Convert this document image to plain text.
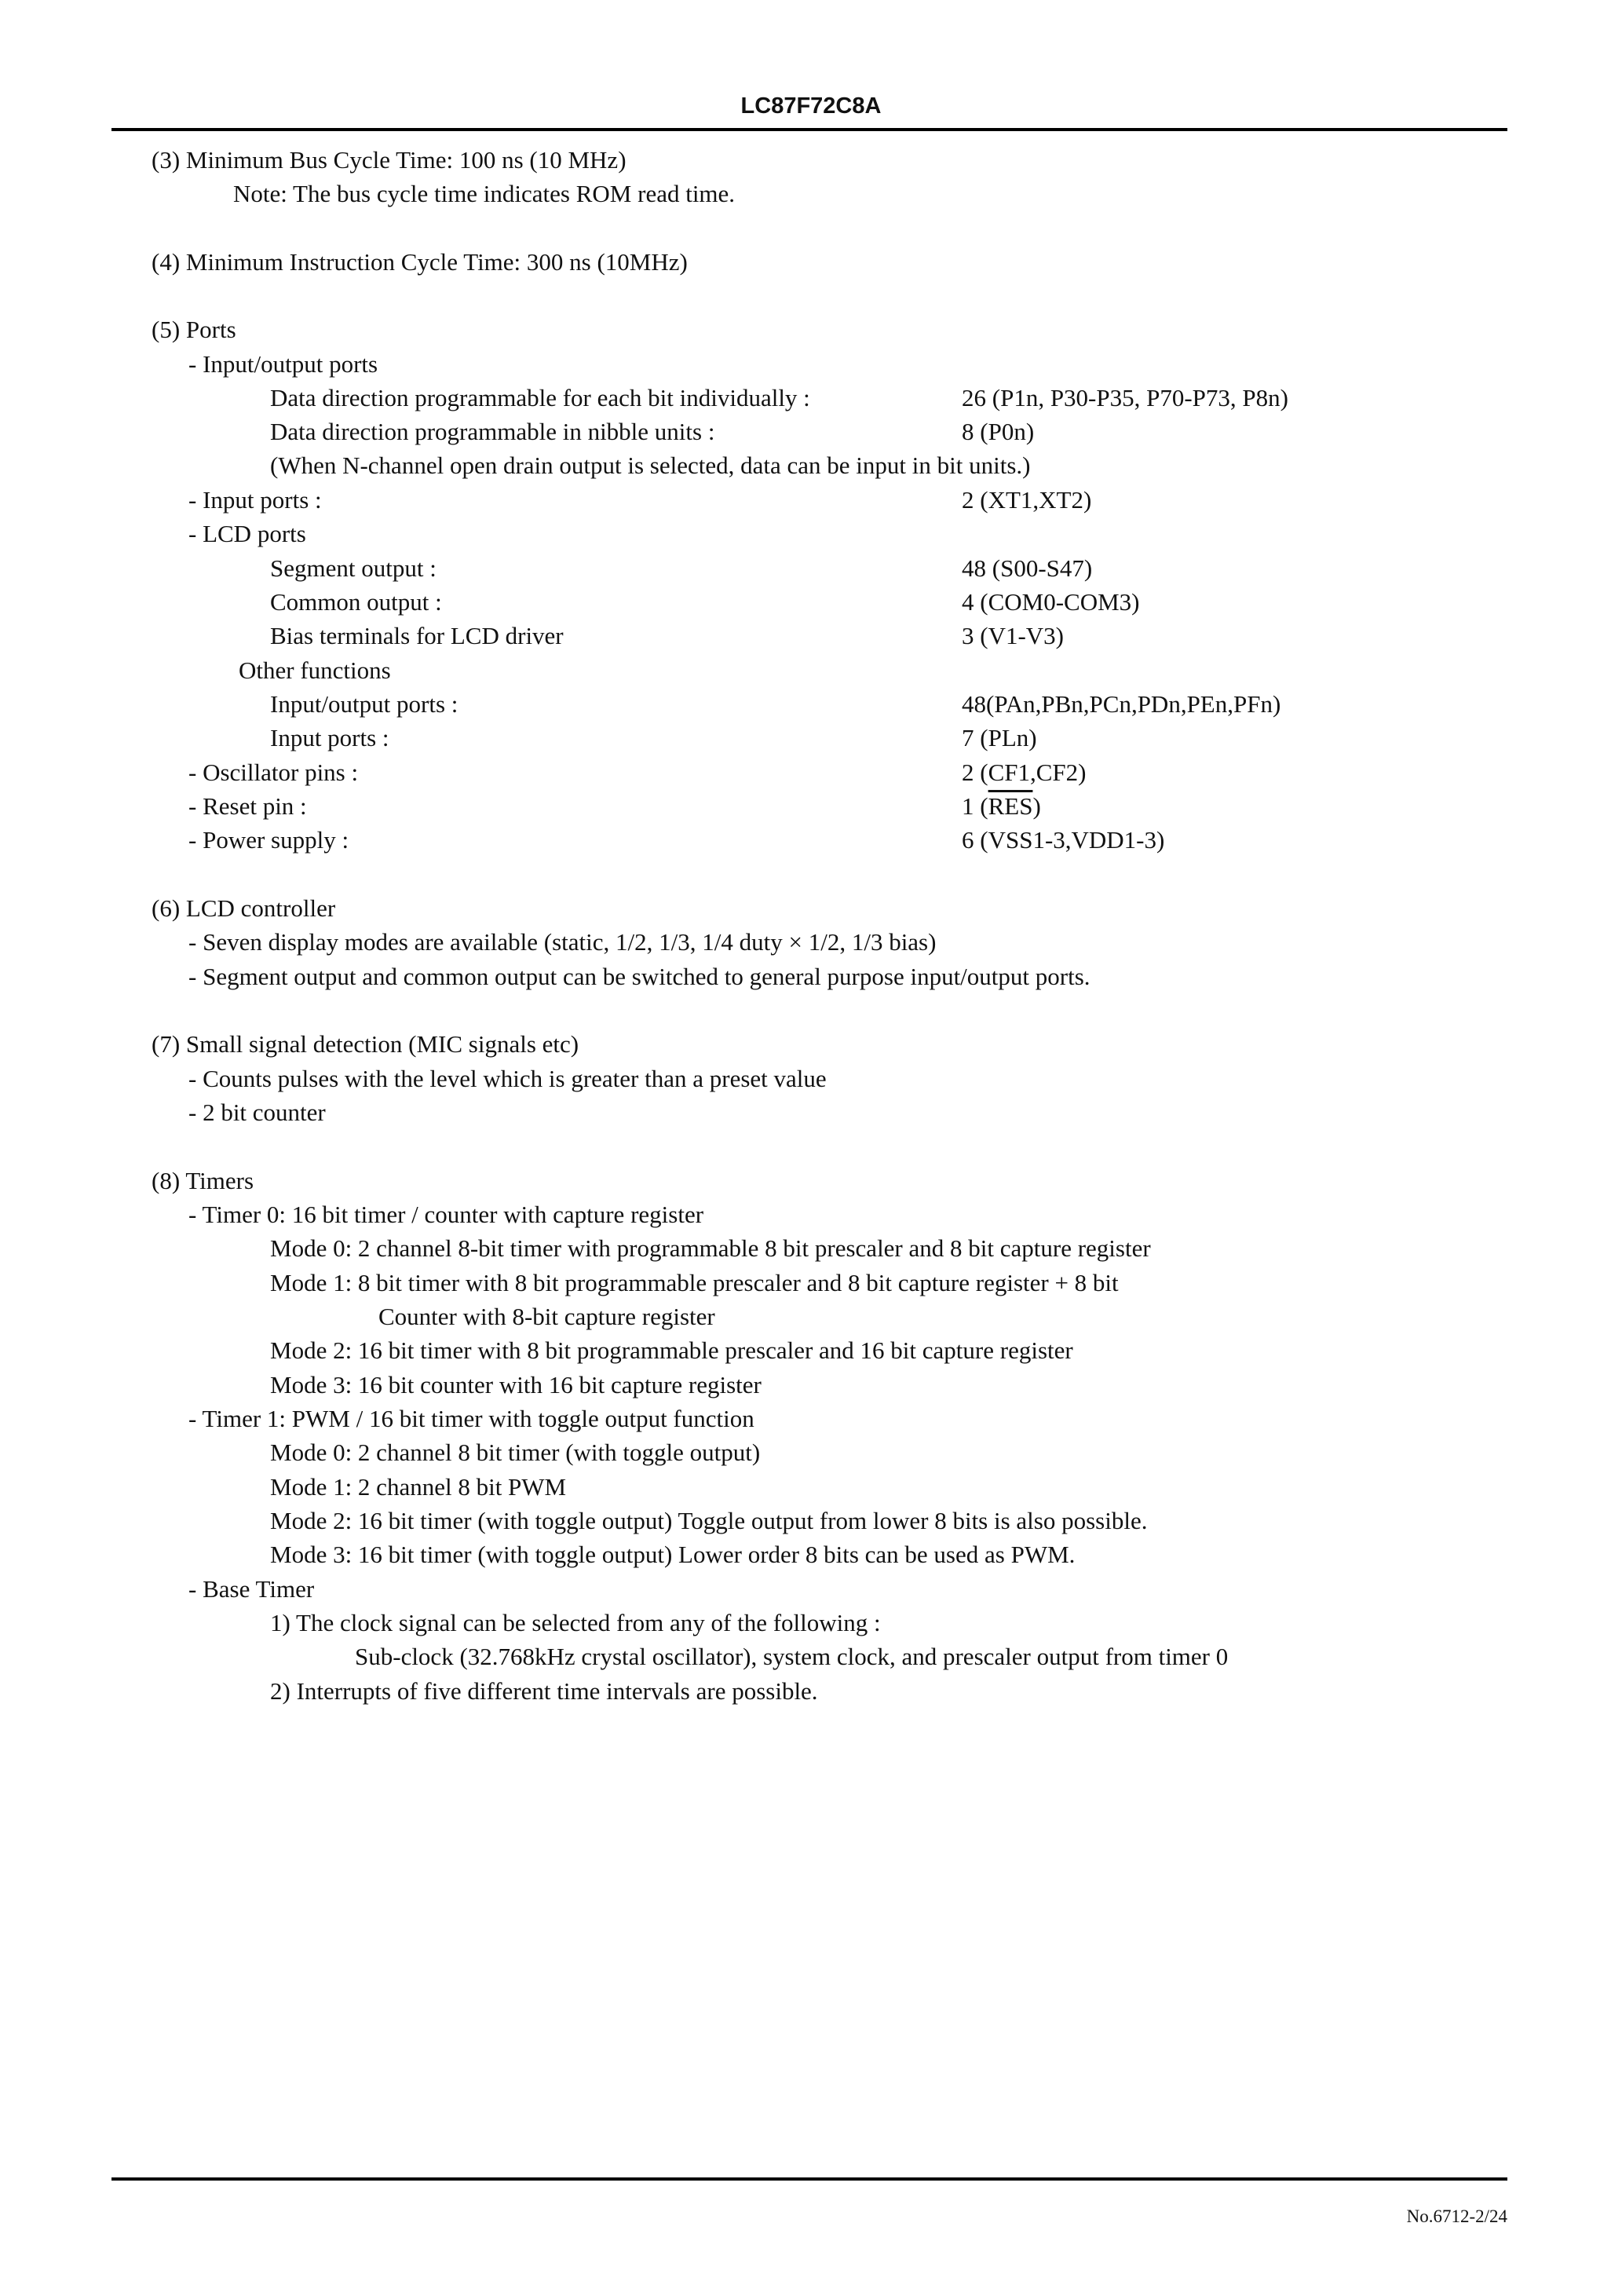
LC87F72C8A
(3) Minimum Bus Cycle Time: 100 ns (10 MHz)
Note: The bus cycle time indicates ROM read time.
(4) Minimum Instruction Cycle Time: 300 ns (10MHz)
(5) Ports
- Input/output ports
Data direction programmable for each bit individually :	26 (P1n, P30-P35, P70-P73, P8n)
Data direction programmable in nibble units :	8 (P0n)
(When N-channel open drain output is selected, data can be input in bit units.)
- Input ports :	2 (XT1,XT2)
- LCD ports
Segment output :	48 (S00-S47)
Common output :	4 (COM0-COM3)
Bias terminals for LCD driver	3 (V1-V3)
Other functions
Input/output ports :	48(PAn,PBn,PCn,PDn,PEn,PFn)
Input ports :	7 (PLn)
- Oscillator pins :	2 (CF1,CF2)
- Reset pin :	1 $(\overline{RES})$
- Power supply :	6 (VSS1-3,VDD1-3)
(6) LCD controller
- Seven display modes are available (static, 1/2, 1/3, 1/4 duty × 1/2, 1/3 bias)
- Segment output and common output can be switched to general purpose input/output ports.
(7) Small signal detection (MIC signals etc)
- Counts pulses with the level which is greater than a preset value
- 2 bit counter
(8) Timers
- Timer 0: 16 bit timer / counter with capture register
Mode 0: 2 channel 8-bit timer with programmable 8 bit prescaler and 8 bit capture register
Mode 1: 8 bit timer with 8 bit programmable prescaler and 8 bit capture register + 8 bit
Counter with 8-bit capture register
Mode 2: 16 bit timer with 8 bit programmable prescaler and 16 bit capture register
Mode 3: 16 bit counter with 16 bit capture register
- Timer 1: PWM / 16 bit timer with toggle output function
Mode 0: 2 channel 8 bit timer (with toggle output)
Mode 1: 2 channel 8 bit PWM
Mode 2: 16 bit timer (with toggle output) Toggle output from lower 8 bits is also possible.
Mode 3: 16 bit timer (with toggle output) Lower order 8 bits can be used as PWM.
- Base Timer
1) The clock signal can be selected from any of the following :
Sub-clock (32.768kHz crystal oscillator), system clock, and prescaler output from timer 0
2) Interrupts of five different time intervals are possible.
No.6712-2/24
